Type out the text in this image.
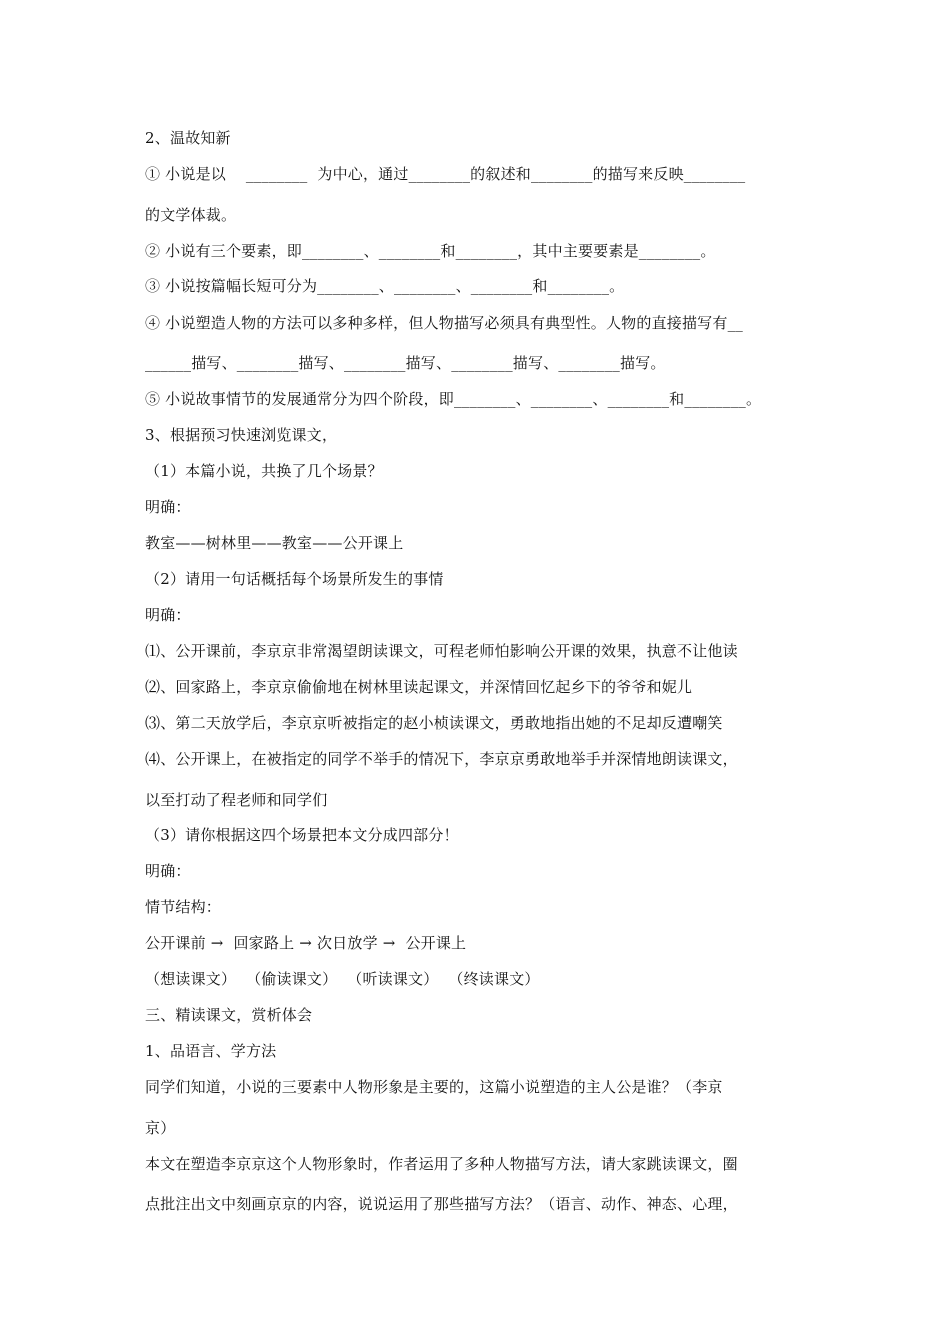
2、温故知新
① 小说是以    ________  为中心，通过________的叙述和________的描写来反映________
的文学体裁。
② 小说有三个要素，即________、________和________，其中主要要素是________。
③ 小说按篇幅长短可分为________、________、________和________。
④ 小说塑造人物的方法可以多种多样，但人物描写必须具有典型性。人物的直接描写有__
______描写、________描写、________描写、________描写、________描写。
⑤ 小说故事情节的发展通常分为四个阶段，即________、________、________和________。
3、根据预习快速浏览课文，
（1）本篇小说，共换了几个场景？
明确：
教室——树林里——教室——公开课上
（2）请用一句话概括每个场景所发生的事情
明确：
⑴、公开课前，李京京非常渴望朗读课文，可程老师怕影响公开课的效果，执意不让他读
⑵、回家路上，李京京偷偷地在树林里读起课文，并深情回忆起乡下的爷爷和妮儿
⑶、第二天放学后，李京京听被指定的赵小桢读课文，勇敢地指出她的不足却反遭嘲笑
⑷、公开课上，在被指定的同学不举手的情况下，李京京勇敢地举手并深情地朗读课文，
以至打动了程老师和同学们
（3）请你根据这四个场景把本文分成四部分！
明确：
情节结构：
公开课前 →  回家路上 → 次日放学 →  公开课上
（想读课文）  （偷读课文）  （听读课文）  （终读课文）
三、精读课文，赏析体会
1、品语言、学方法
同学们知道，小说的三要素中人物形象是主要的，这篇小说塑造的主人公是谁？（李京
京）
本文在塑造李京京这个人物形象时，作者运用了多种人物描写方法，请大家跳读课文，圈
点批注出文中刻画京京的内容，说说运用了那些描写方法？（语言、动作、神态、心理，
